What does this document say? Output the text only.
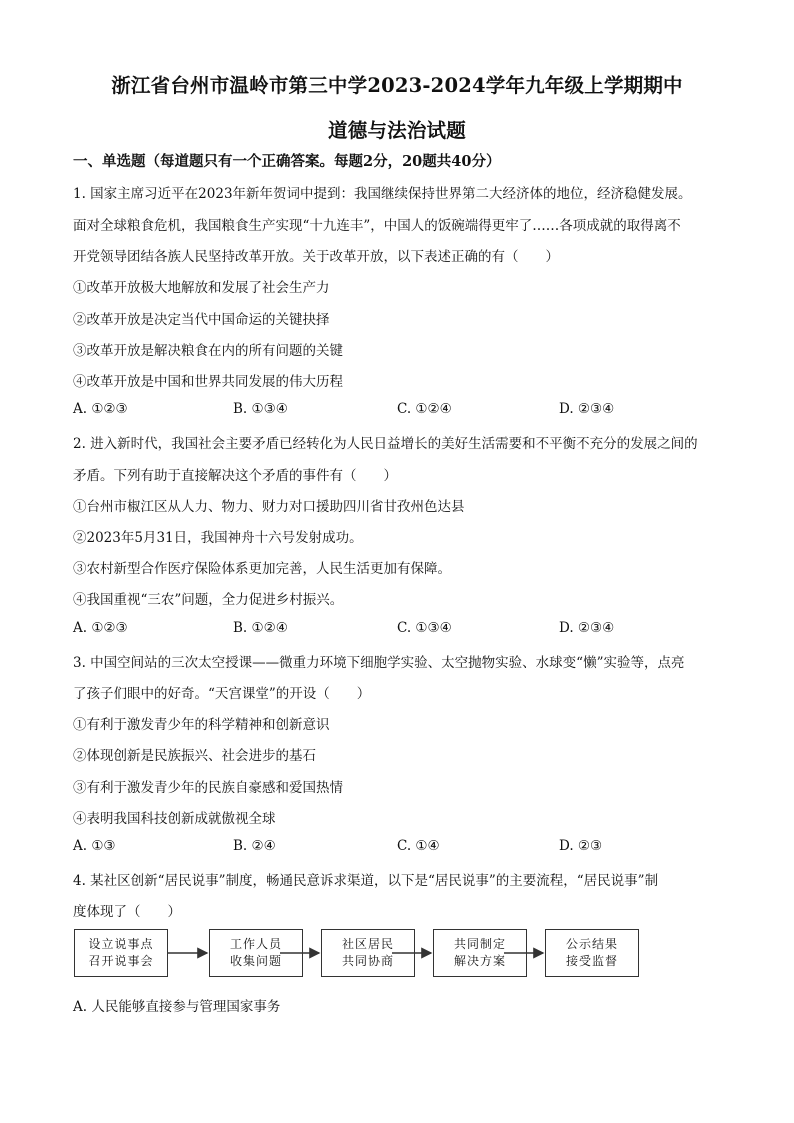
浙江省台州市温岭市第三中学2023-2024学年九年级上学期期中
道德与法治试题
一、单选题（每道题只有一个正确答案。每题2分，20题共40分）
1. 国家主席习近平在2023年新年贺词中提到：我国继续保持世界第二大经济体的地位，经济稳健发展。
面对全球粮食危机，我国粮食生产实现“十九连丰”，中国人的饭碗端得更牢了……各项成就的取得离不
开党领导团结各族人民坚持改革开放。关于改革开放，以下表述正确的有（　　）
①改革开放极大地解放和发展了社会生产力
②改革开放是决定当代中国命运的关键抉择
③改革开放是解决粮食在内的所有问题的关键
④改革开放是中国和世界共同发展的伟大历程
A. ①②③	B. ①③④	C. ①②④	D. ②③④
2. 进入新时代，我国社会主要矛盾已经转化为人民日益增长的美好生活需要和不平衡不充分的发展之间的
矛盾。下列有助于直接解决这个矛盾的事件有（　　）
①台州市椒江区从人力、物力、财力对口援助四川省甘孜州色达县
②2023年5月31日，我国神舟十六号发射成功。
③农村新型合作医疗保险体系更加完善，人民生活更加有保障。
④我国重视“三农”问题，全力促进乡村振兴。
A. ①②③	B. ①②④	C. ①③④	D. ②③④
3. 中国空间站的三次太空授课——微重力环境下细胞学实验、太空抛物实验、水球变“懒”实验等，点亮
了孩子们眼中的好奇。“天宫课堂”的开设（　　）
①有利于激发青少年的科学精神和创新意识
②体现创新是民族振兴、社会进步的基石
③有利于激发青少年的民族自豪感和爱国热情
④表明我国科技创新成就傲视全球
A. ①③	B. ②④	C. ①④	D. ②③
4. 某社区创新“居民说事”制度，畅通民意诉求渠道，以下是“居民说事”的主要流程，“居民说事”制
度体现了（　　）
设立说事点
召开说事会
工作人员
收集问题
社区居民
共同协商
共同制定
解决方案
公示结果
接受监督
A. 人民能够直接参与管理国家事务
